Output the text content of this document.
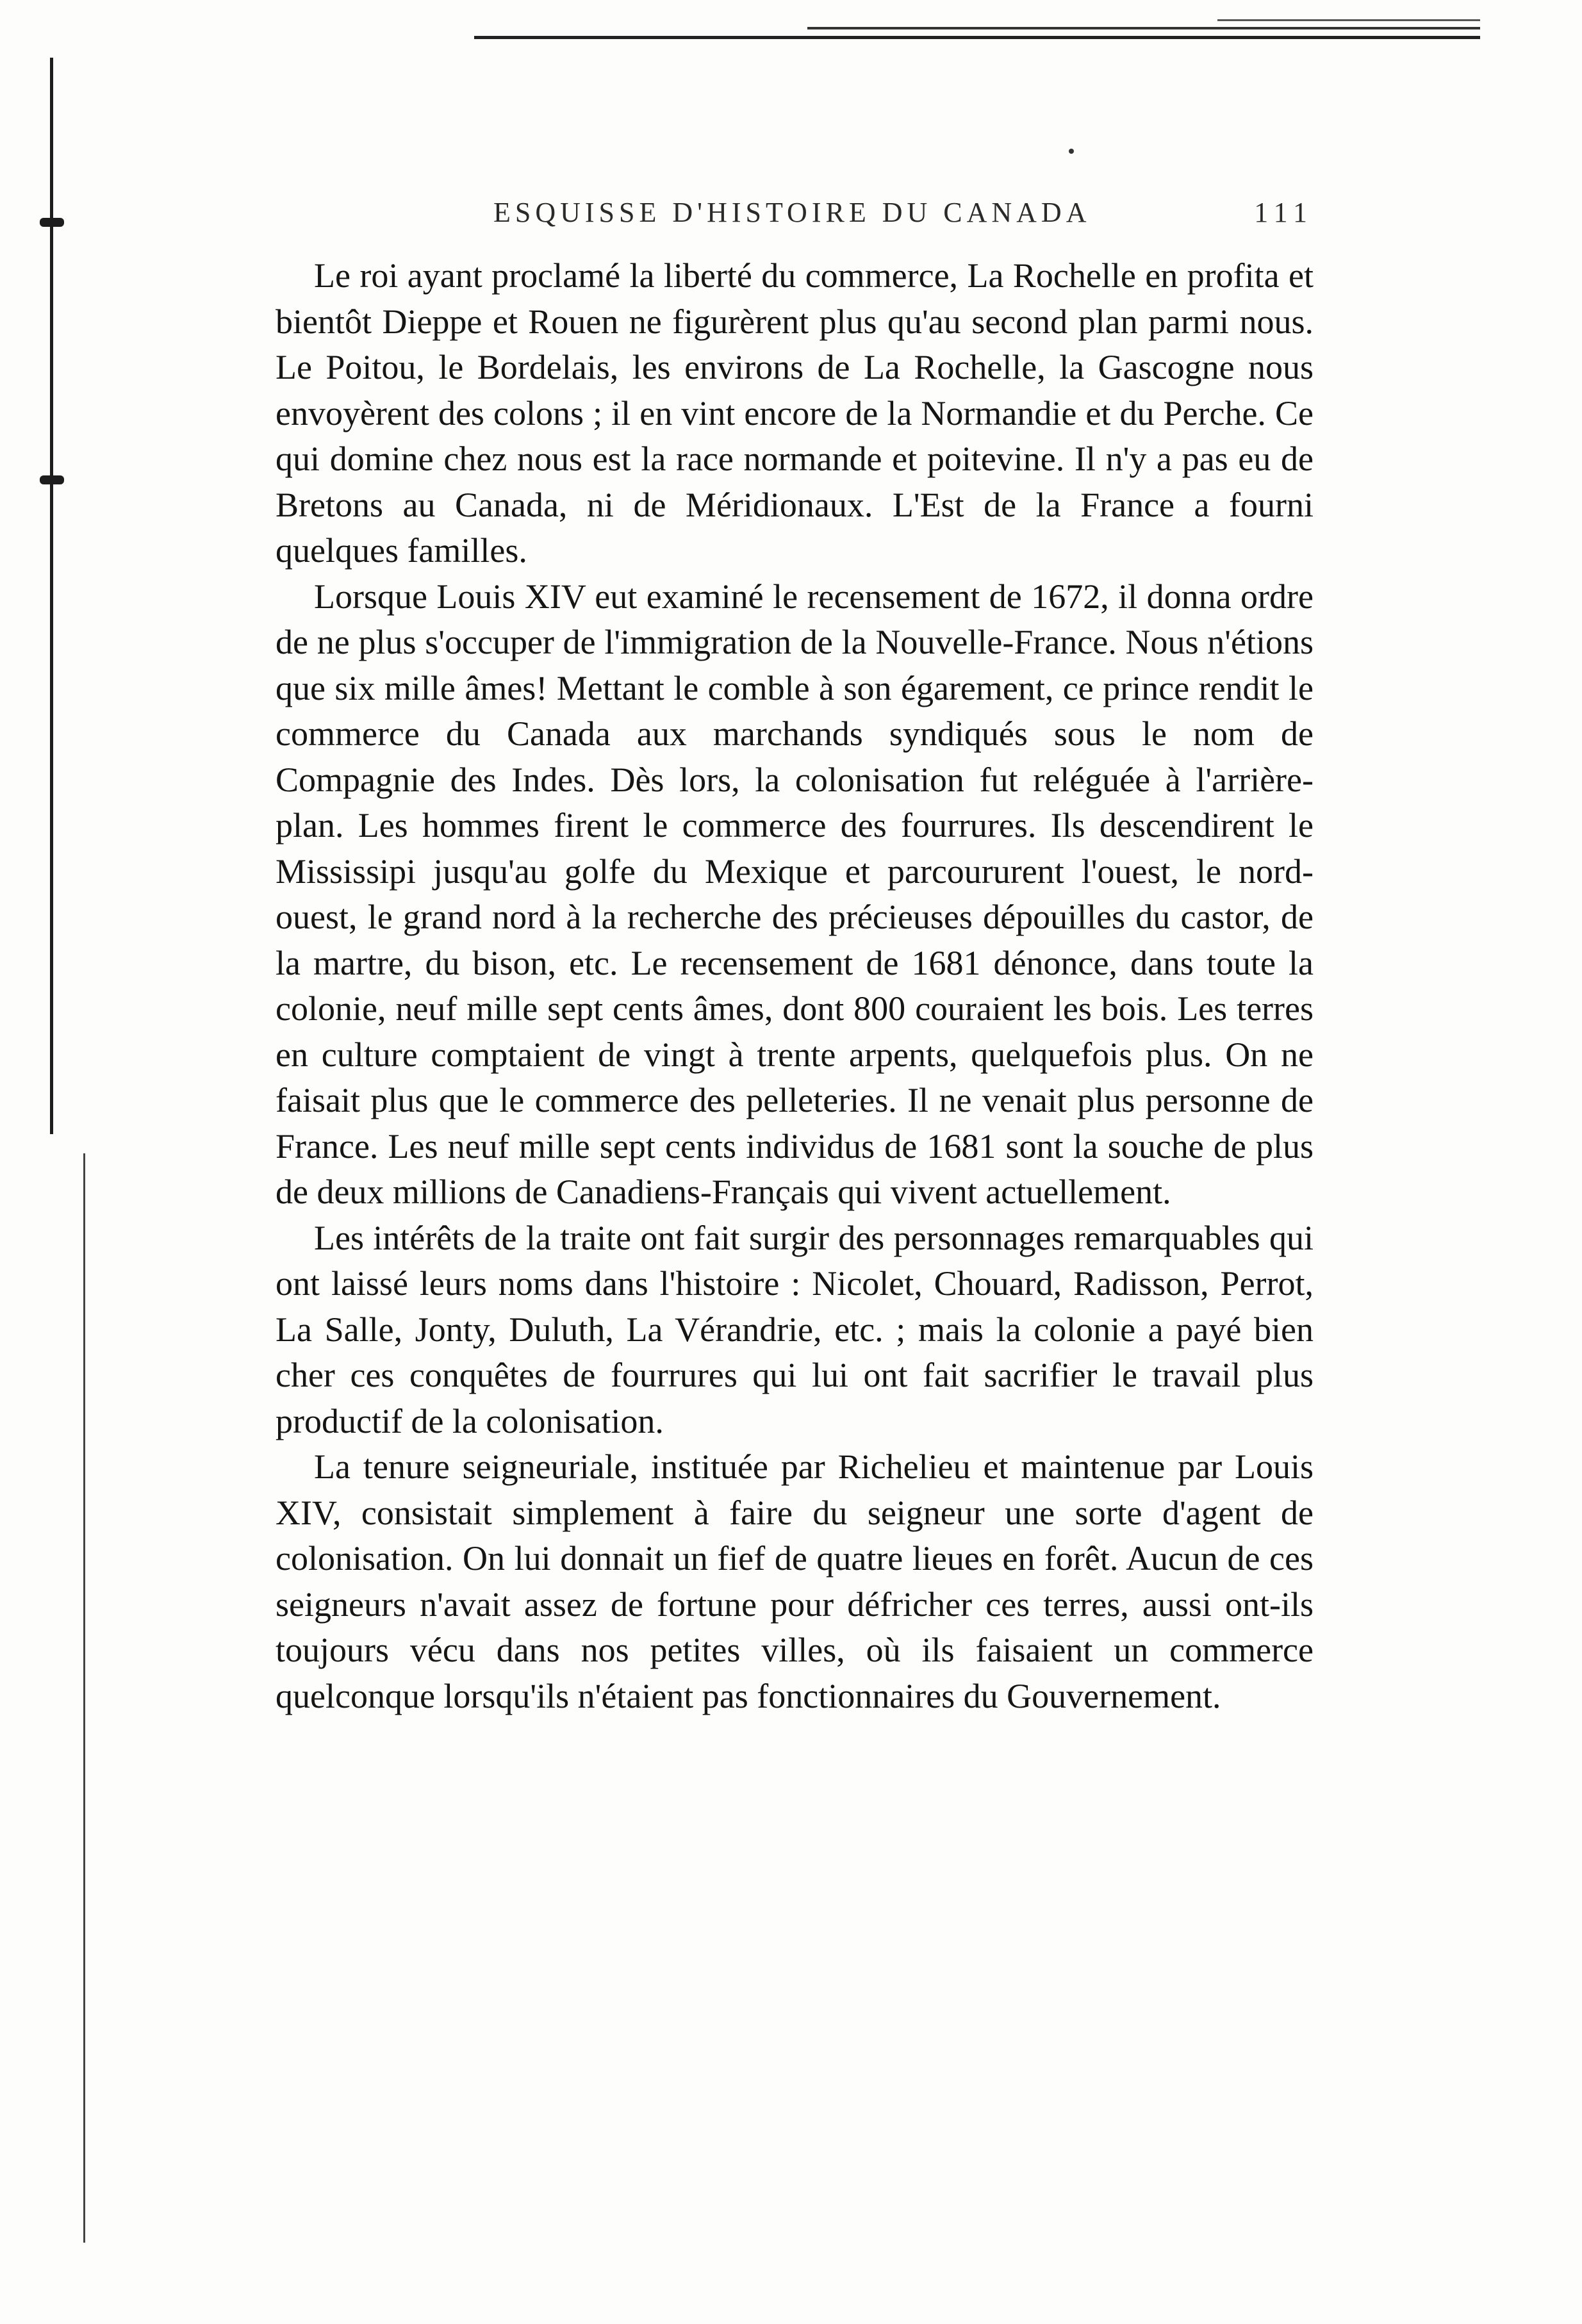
ESQUISSE D'HISTOIRE DU CANADA	111

Le roi ayant proclamé la liberté du commerce, La Rochelle en profita et bientôt Dieppe et Rouen ne figurèrent plus qu'au second plan parmi nous. Le Poitou, le Bordelais, les environs de La Rochelle, la Gascogne nous envoyèrent des colons ; il en vint encore de la Normandie et du Perche. Ce qui domine chez nous est la race normande et poitevine. Il n'y a pas eu de Bretons au Canada, ni de Méridionaux. L'Est de la France a fourni quelques familles.

Lorsque Louis XIV eut examiné le recensement de 1672, il donna ordre de ne plus s'occuper de l'immigration de la Nouvelle-France. Nous n'étions que six mille âmes! Mettant le comble à son égarement, ce prince rendit le commerce du Canada aux marchands syndiqués sous le nom de Compagnie des Indes. Dès lors, la colonisation fut reléguée à l'arrière-plan. Les hommes firent le commerce des fourrures. Ils descendirent le Mississipi jusqu'au golfe du Mexique et parcoururent l'ouest, le nord-ouest, le grand nord à la recherche des précieuses dépouilles du castor, de la martre, du bison, etc. Le recensement de 1681 dénonce, dans toute la colonie, neuf mille sept cents âmes, dont 800 couraient les bois. Les terres en culture comptaient de vingt à trente arpents, quelquefois plus. On ne faisait plus que le commerce des pelleteries. Il ne venait plus personne de France. Les neuf mille sept cents individus de 1681 sont la souche de plus de deux millions de Canadiens-Français qui vivent actuellement.

Les intérêts de la traite ont fait surgir des personnages remarquables qui ont laissé leurs noms dans l'histoire : Nicolet, Chouard, Radisson, Perrot, La Salle, Jonty, Duluth, La Vérandrie, etc. ; mais la colonie a payé bien cher ces conquêtes de fourrures qui lui ont fait sacrifier le travail plus productif de la colonisation.

La tenure seigneuriale, instituée par Richelieu et maintenue par Louis XIV, consistait simplement à faire du seigneur une sorte d'agent de colonisation. On lui donnait un fief de quatre lieues en forêt. Aucun de ces seigneurs n'avait assez de fortune pour défricher ces terres, aussi ont-ils toujours vécu dans nos petites villes, où ils faisaient un commerce quelconque lorsqu'ils n'étaient pas fonctionnaires du Gouvernement.
